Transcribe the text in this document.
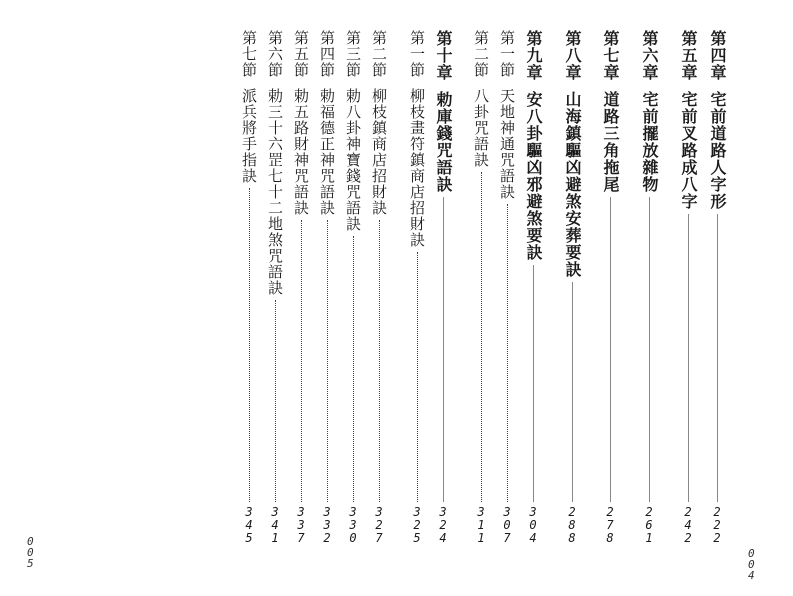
第四章
宅前道路人字形
2
2
2
第五章
宅前叉路成八字
2
4
2
第六章
宅前擺放雜物
2
6
1
第七章
道路三角拖尾
2
7
8
第八章
山海鎮驅凶避煞安葬要訣
2
8
8
第九章
安八卦驅凶邪避煞要訣
3
0
4
第一節
天地神通咒語訣
3
0
7
第二節
八卦咒語訣
3
1
1
第十章
勅庫錢咒語訣
3
2
4
第一節
柳枝畫符鎮商店招財訣
3
2
5
第二節
柳枝鎮商店招財訣
3
2
7
第三節
勅八卦神寶錢咒語訣
3
3
0
第四節
勅福德正神咒語訣
3
3
2
第五節
勅五路財神咒語訣
3
3
7
第六節
勅三十六罡七十二地煞咒語訣
3
4
1
第七節
派兵將手指訣
3
4
5
0
0
5
0
0
4
